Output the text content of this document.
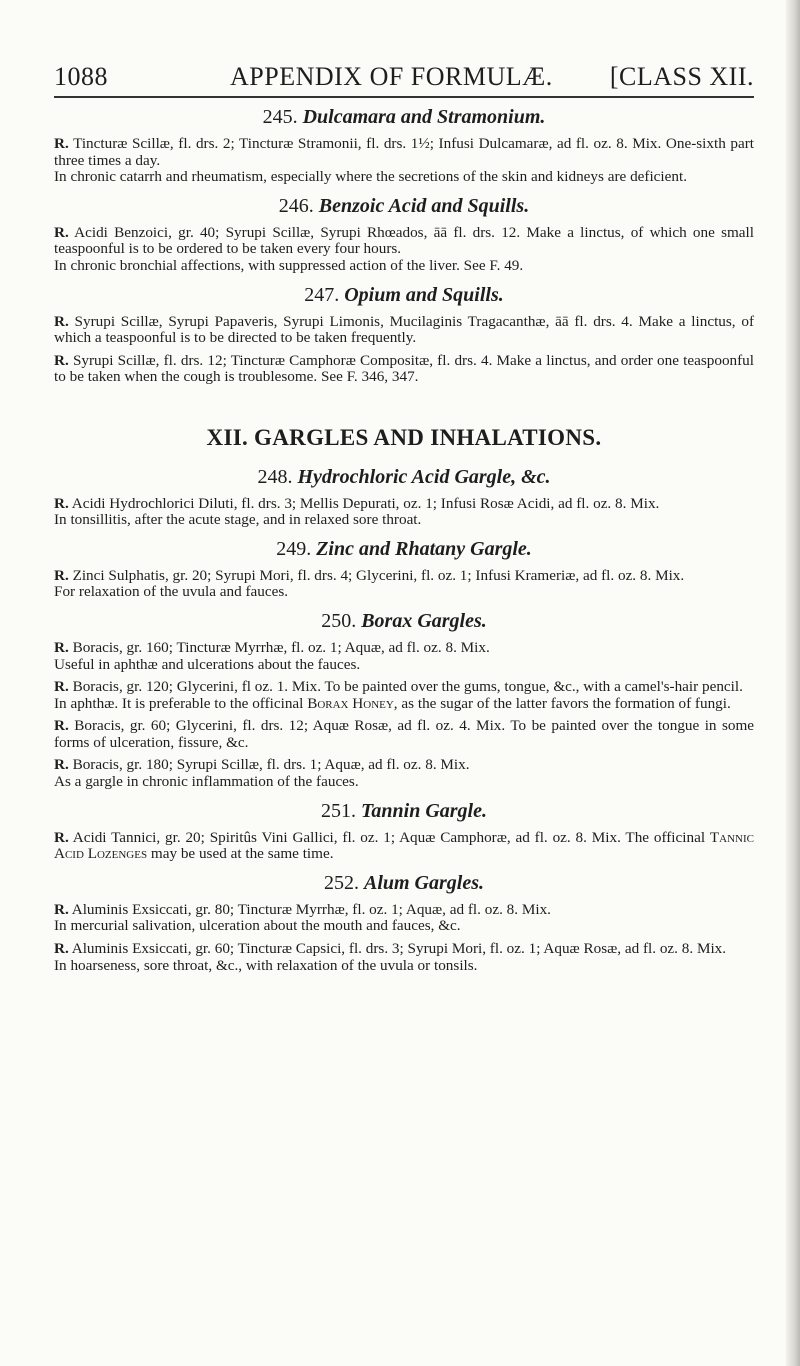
1088	APPENDIX OF FORMULÆ. [CLASS XII.
245. Dulcamara and Stramonium.

R. Tincturæ Scillæ, fl. drs. 2; Tincturæ Stramonii, fl. drs. 1½; Infusi Dulcamaræ, ad fl. oz. 8. Mix. One-sixth part three times a day.

In chronic catarrh and rheumatism, especially where the secretions of the skin and kidneys are deficient.

246. Benzoic Acid and Squills.

R. Acidi Benzoici, gr. 40; Syrupi Scillæ, Syrupi Rhœados, āā fl. drs. 12. Make a linctus, of which one small teaspoonful is to be ordered to be taken every four hours.

In chronic bronchial affections, with suppressed action of the liver. See F. 49.

247. Opium and Squills.

R. Syrupi Scillæ, Syrupi Papaveris, Syrupi Limonis, Mucilaginis Tragacanthæ, āā fl. drs. 4. Make a linctus, of which a teaspoonful is to be directed to be taken frequently.

R. Syrupi Scillæ, fl. drs. 12; Tincturæ Camphoræ Compositæ, fl. drs. 4. Make a linctus, and order one teaspoonful to be taken when the cough is troublesome. See F. 346, 347.

XII. GARGLES AND INHALATIONS.
248. Hydrochloric Acid Gargle, &c.

R. Acidi Hydrochlorici Diluti, fl. drs. 3; Mellis Depurati, oz. 1; Infusi Rosæ Acidi, ad fl. oz. 8. Mix.

In tonsillitis, after the acute stage, and in relaxed sore throat.

249. Zinc and Rhatany Gargle.

R. Zinci Sulphatis, gr. 20; Syrupi Mori, fl. drs. 4; Glycerini, fl. oz. 1; Infusi Krameriæ, ad fl. oz. 8. Mix.

For relaxation of the uvula and fauces.

250. Borax Gargles.

R. Boracis, gr. 160; Tincturæ Myrrhæ, fl. oz. 1; Aquæ, ad fl. oz. 8. Mix.

Useful in aphthæ and ulcerations about the fauces.

R. Boracis, gr. 120; Glycerini, fl oz. 1. Mix. To be painted over the gums, tongue, &c., with a camel's-hair pencil.

In aphthæ. It is preferable to the officinal Borax Honey, as the sugar of the latter favors the formation of fungi.

R. Boracis, gr. 60; Glycerini, fl. drs. 12; Aquæ Rosæ, ad fl. oz. 4. Mix. To be painted over the tongue in some forms of ulceration, fissure, &c.

R. Boracis, gr. 180; Syrupi Scillæ, fl. drs. 1; Aquæ, ad fl. oz. 8. Mix.

As a gargle in chronic inflammation of the fauces.

251. Tannin Gargle.

R. Acidi Tannici, gr. 20; Spiritûs Vini Gallici, fl. oz. 1; Aquæ Camphoræ, ad fl. oz. 8. Mix. The officinal Tannic Acid Lozenges may be used at the same time.

252. Alum Gargles.

R. Aluminis Exsiccati, gr. 80; Tincturæ Myrrhæ, fl. oz. 1; Aquæ, ad fl. oz. 8. Mix.

In mercurial salivation, ulceration about the mouth and fauces, &c.

R. Aluminis Exsiccati, gr. 60; Tincturæ Capsici, fl. drs. 3; Syrupi Mori, fl. oz. 1; Aquæ Rosæ, ad fl. oz. 8. Mix.

In hoarseness, sore throat, &c., with relaxation of the uvula or tonsils.
